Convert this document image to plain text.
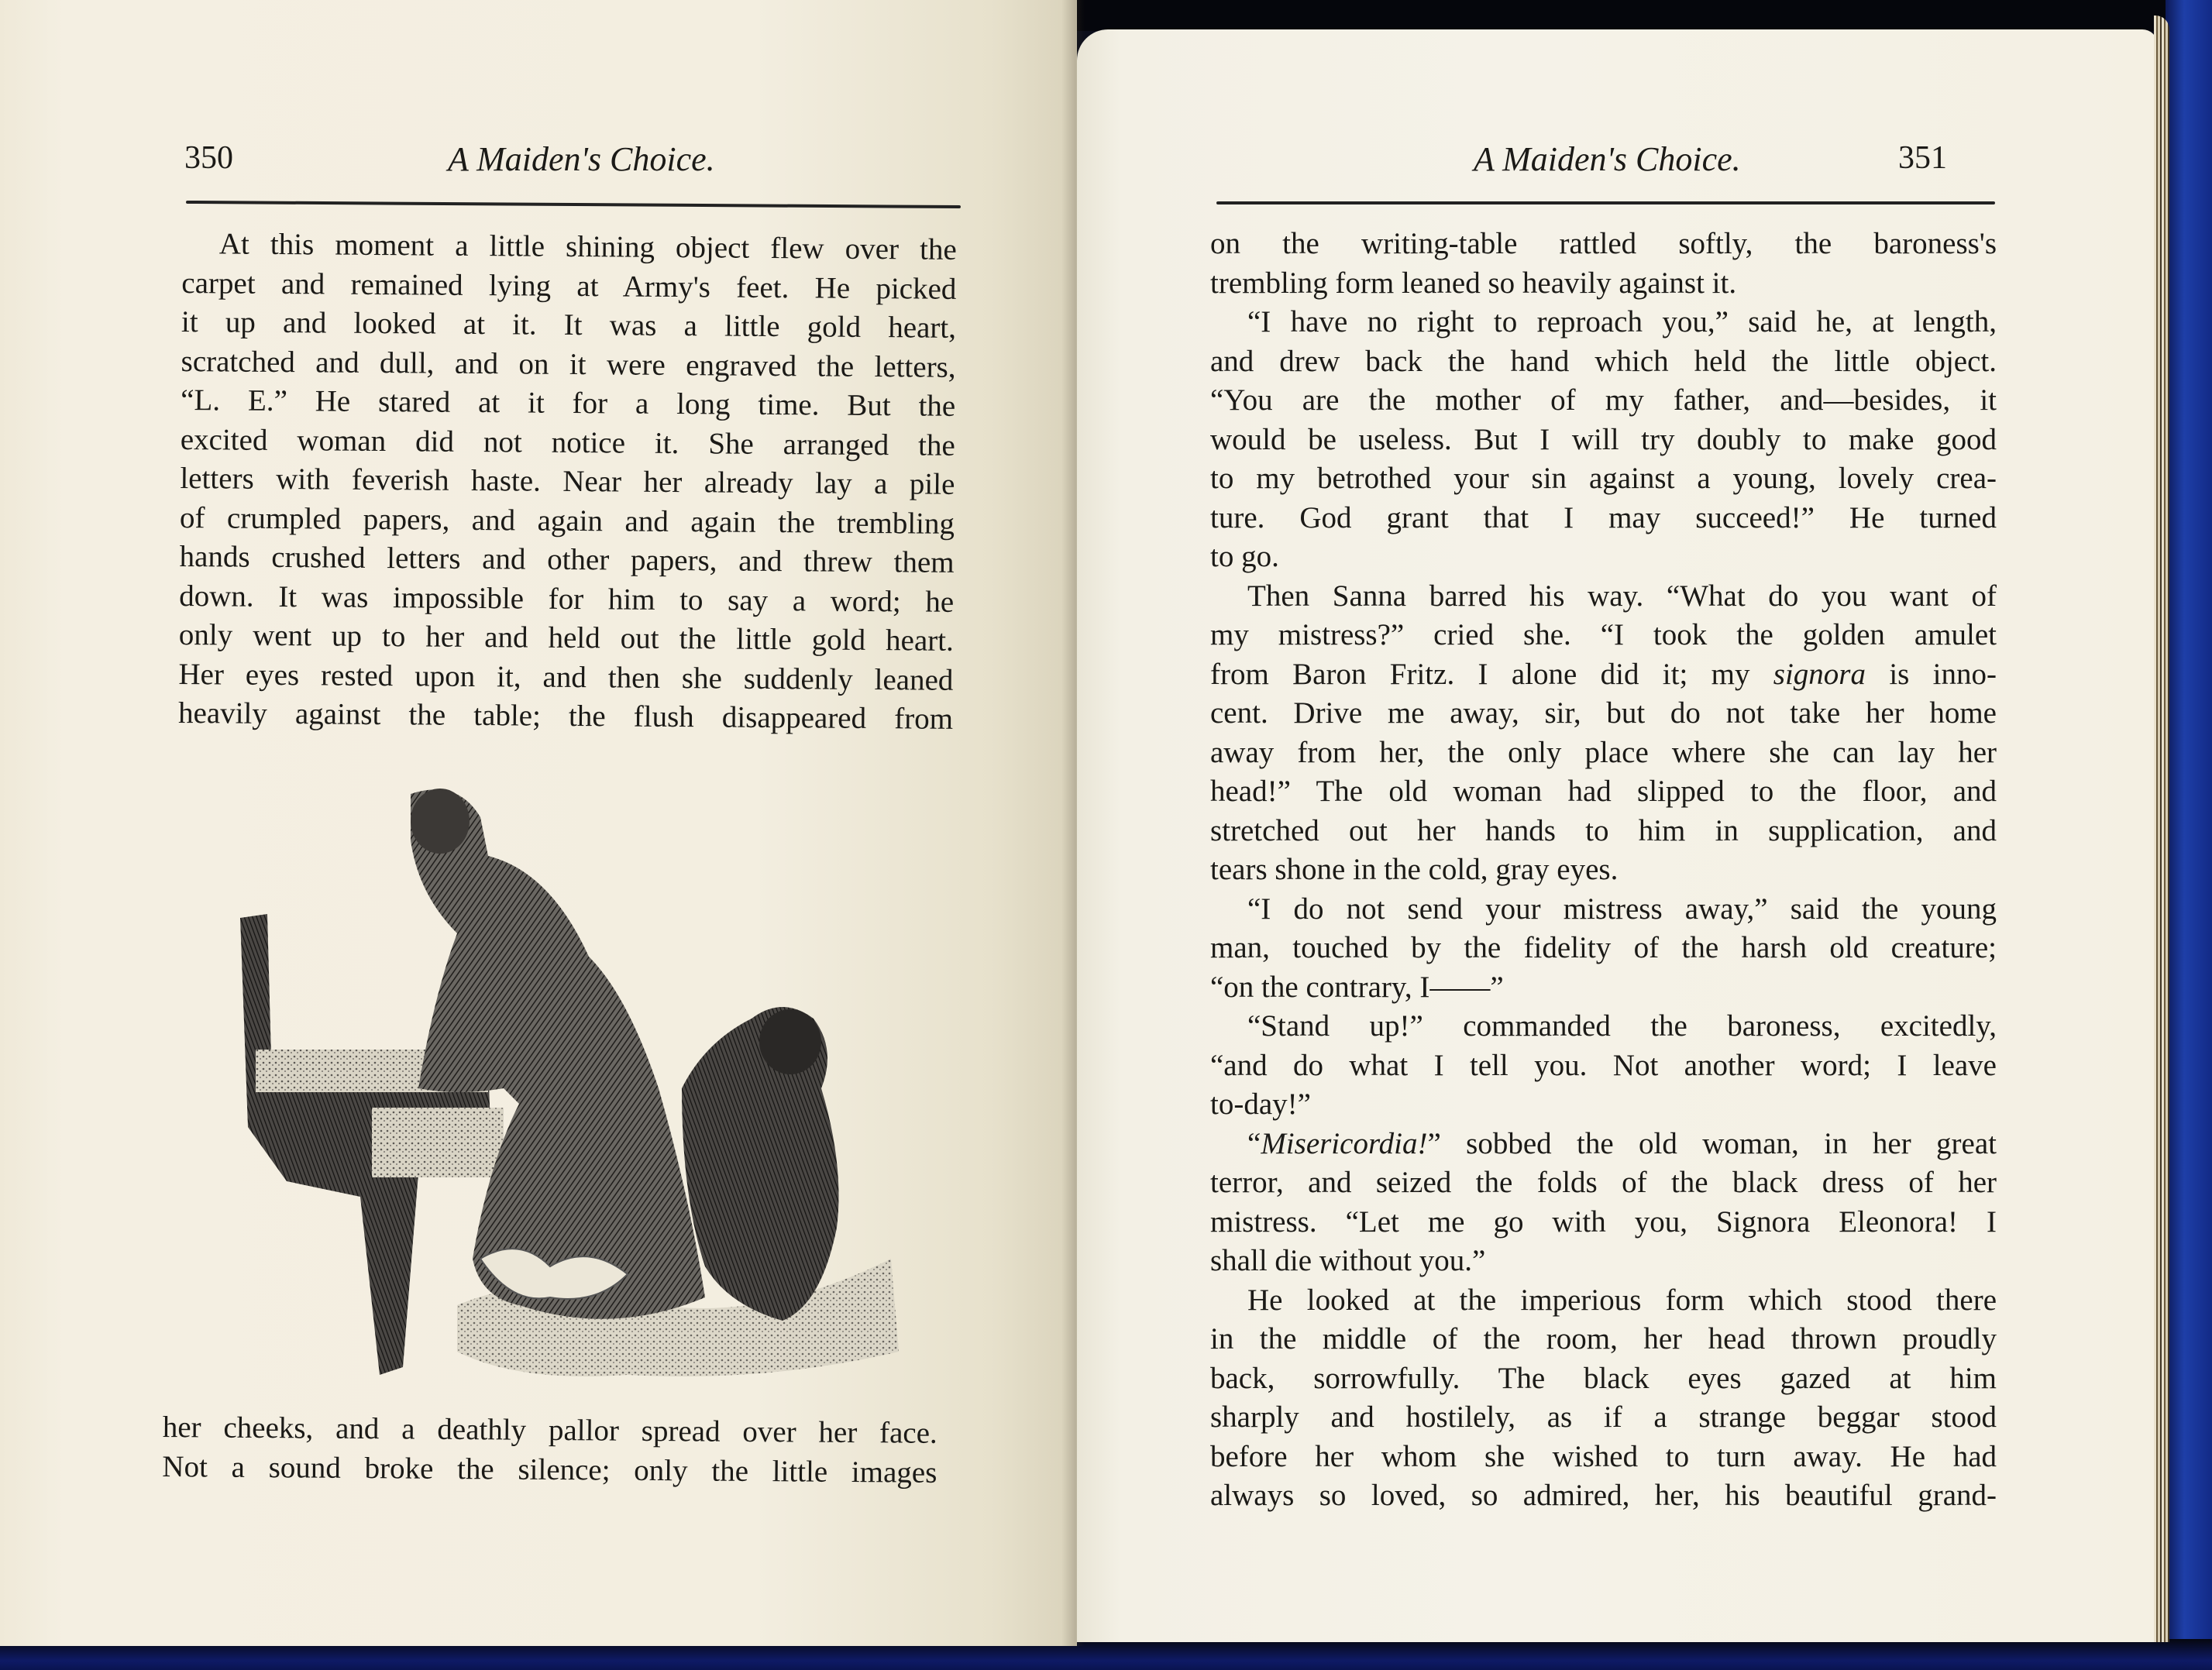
350	A Maiden's Choice.
At this moment a little shining object flew over the
carpet and remained lying at Army's feet. He picked
it up and looked at it. It was a little gold heart,
scratched and dull, and on it were engraved the letters,
“L. E.” He stared at it for a long time. But the
excited woman did not notice it. She arranged the
letters with feverish haste. Near her already lay a pile
of crumpled papers, and again and again the trembling
hands crushed letters and other papers, and threw them
down. It was impossible for him to say a word; he
only went up to her and held out the little gold heart.
Her eyes rested upon it, and then she suddenly leaned
heavily against the table; the flush disappeared from
her cheeks, and a deathly pallor spread over her face.
Not a sound broke the silence; only the little images
A Maiden's Choice.	351
on the writing-table rattled softly, the baroness's
trembling form leaned so heavily against it.
“I have no right to reproach you,” said he, at length,
and drew back the hand which held the little object.
“You are the mother of my father, and—besides, it
would be useless. But I will try doubly to make good
to my betrothed your sin against a young, lovely crea-
ture. God grant that I may succeed!” He turned
to go.
Then Sanna barred his way. “What do you want of
my mistress?” cried she. “I took the golden amulet
from Baron Fritz. I alone did it; my signora is inno-
cent. Drive me away, sir, but do not take her home
away from her, the only place where she can lay her
head!” The old woman had slipped to the floor, and
stretched out her hands to him in supplication, and
tears shone in the cold, gray eyes.
“I do not send your mistress away,” said the young
man, touched by the fidelity of the harsh old creature;
“on the contrary, I——”
“Stand up!” commanded the baroness, excitedly,
“and do what I tell you. Not another word; I leave
to-day!”
“Misericordia!” sobbed the old woman, in her great
terror, and seized the folds of the black dress of her
mistress. “Let me go with you, Signora Eleonora! I
shall die without you.”
He looked at the imperious form which stood there
in the middle of the room, her head thrown proudly
back, sorrowfully. The black eyes gazed at him
sharply and hostilely, as if a strange beggar stood
before her whom she wished to turn away. He had
always so loved, so admired, her, his beautiful grand-
